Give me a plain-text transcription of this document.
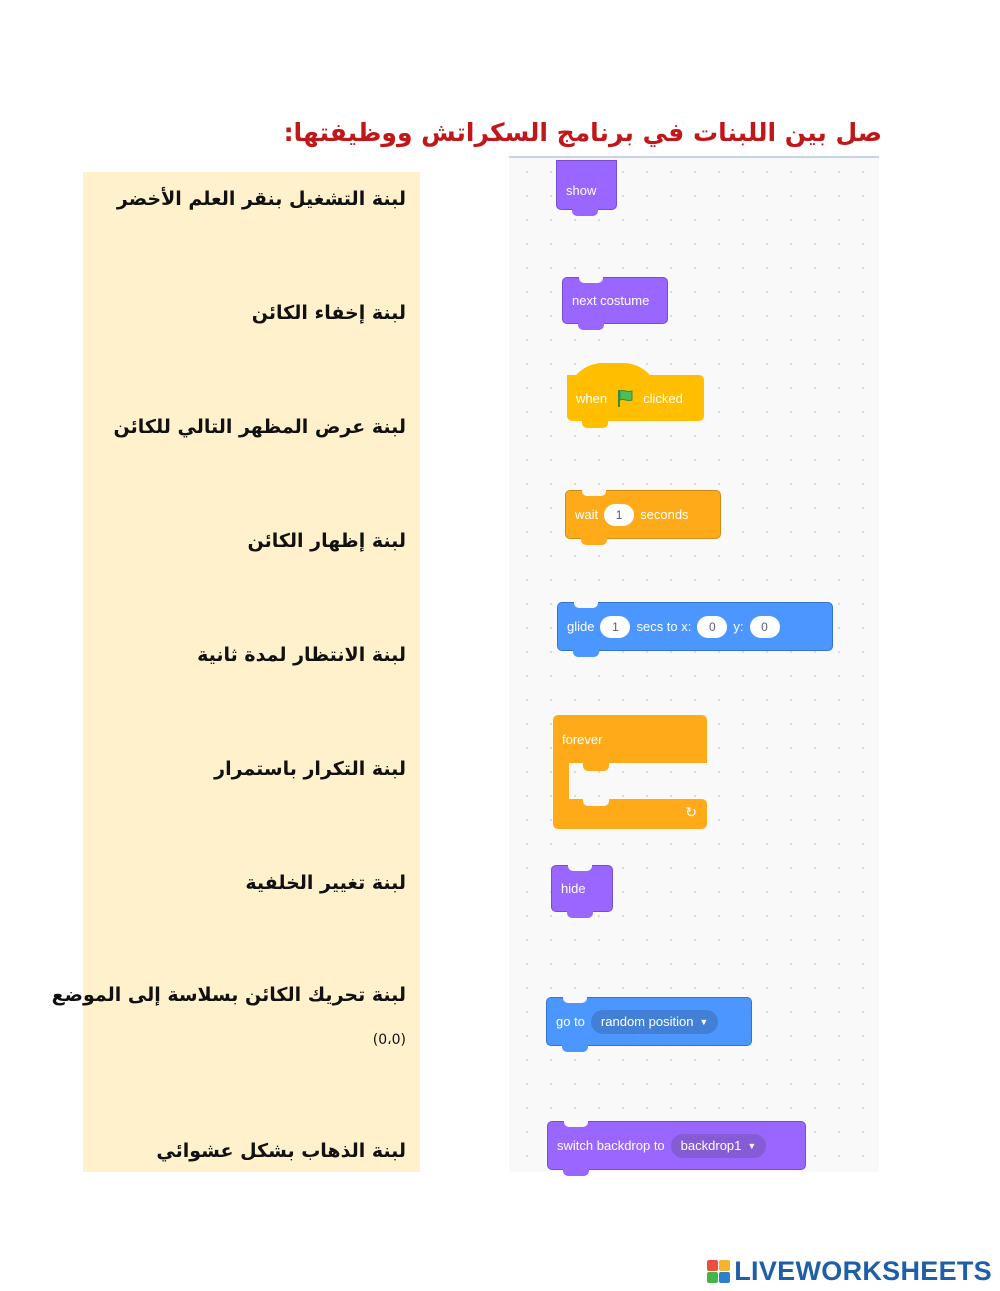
صل بين اللبنات في برنامج السكراتش ووظيفتها:
لبنة التشغيل بنقر العلم الأخضر
لبنة إخفاء الكائن
لبنة عرض المظهر التالي للكائن
لبنة إظهار الكائن
لبنة الانتظار لمدة ثانية
لبنة التكرار باستمرار
لبنة تغيير الخلفية
لبنة تحريك الكائن بسلاسة إلى الموضع
(0،0)
لبنة الذهاب بشكل عشوائي
show
next costume
when	clicked
wait	1	seconds
glide	1	secs to x:	0	y:	0
forever
↻
hide
go to random position ▼
switch backdrop to backdrop1 ▼
LIVEWORKSHEETS
